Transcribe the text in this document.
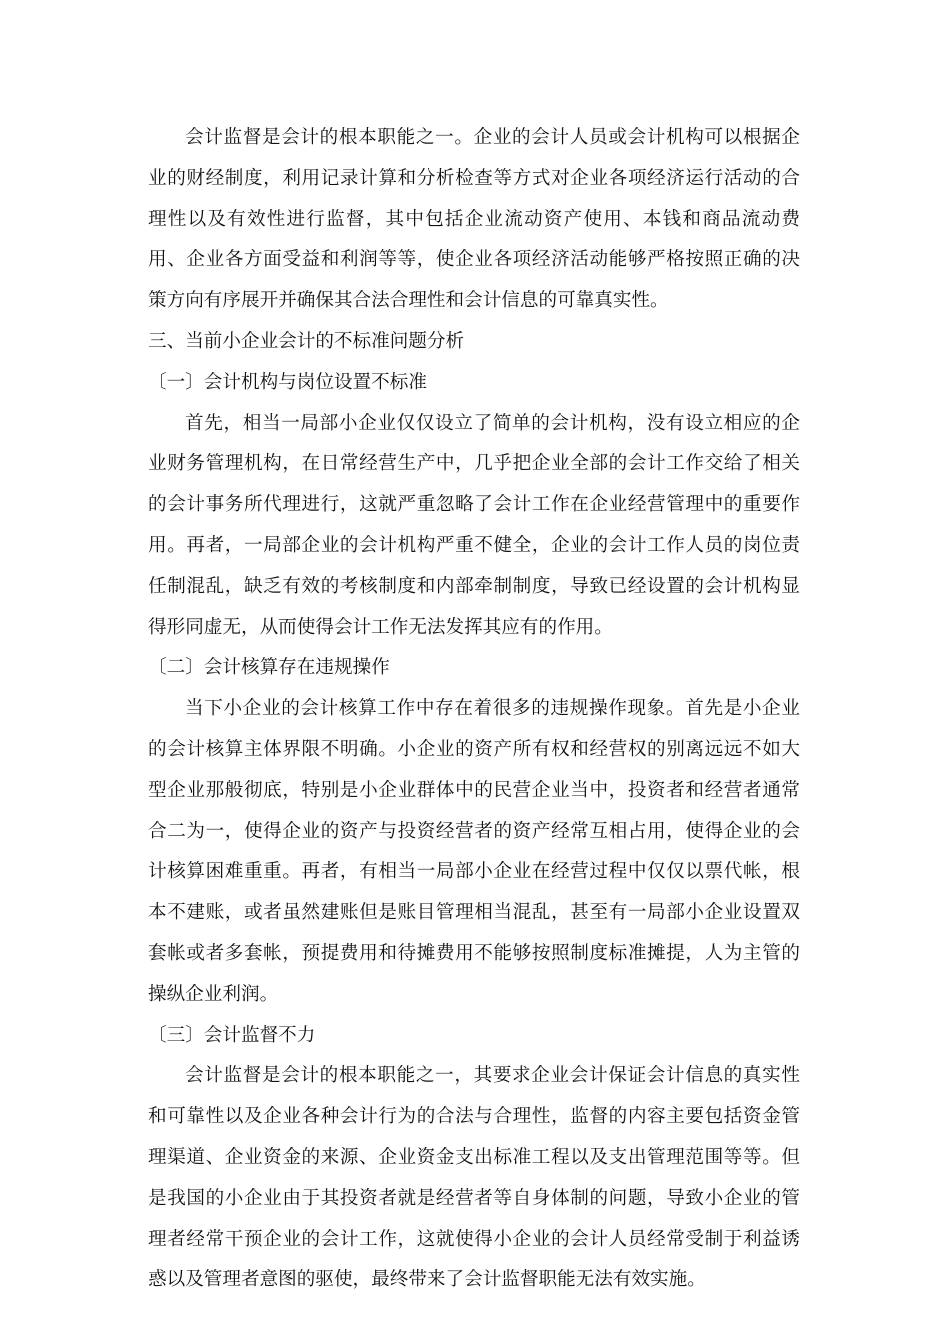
会计监督是会计的根本职能之一。企业的会计人员或会计机构可以根据企
业的财经制度，利用记录计算和分析检查等方式对企业各项经济运行活动的合
理性以及有效性进行监督，其中包括企业流动资产使用、本钱和商品流动费
用、企业各方面受益和利润等等，使企业各项经济活动能够严格按照正确的决
策方向有序展开并确保其合法合理性和会计信息的可靠真实性。
三、当前小企业会计的不标准问题分析
〔一〕会计机构与岗位设置不标准
首先，相当一局部小企业仅仅设立了简单的会计机构，没有设立相应的企
业财务管理机构，在日常经营生产中，几乎把企业全部的会计工作交给了相关
的会计事务所代理进行，这就严重忽略了会计工作在企业经营管理中的重要作
用。再者，一局部企业的会计机构严重不健全，企业的会计工作人员的岗位责
任制混乱，缺乏有效的考核制度和内部牵制制度，导致已经设置的会计机构显
得形同虚无，从而使得会计工作无法发挥其应有的作用。
〔二〕会计核算存在违规操作
当下小企业的会计核算工作中存在着很多的违规操作现象。首先是小企业
的会计核算主体界限不明确。小企业的资产所有权和经营权的别离远远不如大
型企业那般彻底，特别是小企业群体中的民营企业当中，投资者和经营者通常
合二为一，使得企业的资产与投资经营者的资产经常互相占用，使得企业的会
计核算困难重重。再者，有相当一局部小企业在经营过程中仅仅以票代帐，根
本不建账，或者虽然建账但是账目管理相当混乱，甚至有一局部小企业设置双
套帐或者多套帐，预提费用和待摊费用不能够按照制度标准摊提，人为主管的
操纵企业利润。
〔三〕会计监督不力
会计监督是会计的根本职能之一，其要求企业会计保证会计信息的真实性
和可靠性以及企业各种会计行为的合法与合理性，监督的内容主要包括资金管
理渠道、企业资金的来源、企业资金支出标准工程以及支出管理范围等等。但
是我国的小企业由于其投资者就是经营者等自身体制的问题，导致小企业的管
理者经常干预企业的会计工作，这就使得小企业的会计人员经常受制于利益诱
惑以及管理者意图的驱使，最终带来了会计监督职能无法有效实施。
